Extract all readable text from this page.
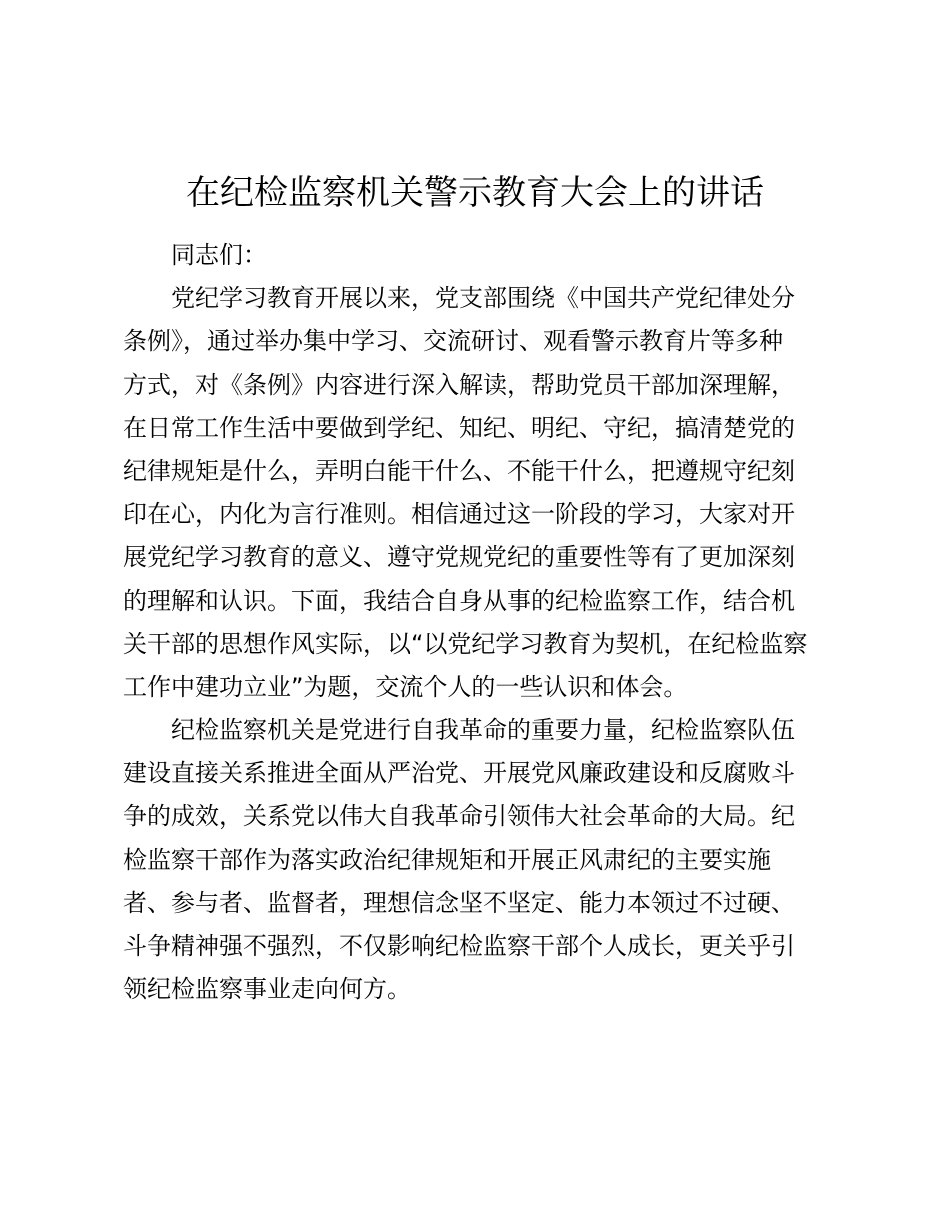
在纪检监察机关警示教育大会上的讲话

同志们：

党纪学习教育开展以来，党支部围绕《中国共产党纪律处分
条例》，通过举办集中学习、交流研讨、观看警示教育片等多种
方式，对《条例》内容进行深入解读，帮助党员干部加深理解，
在日常工作生活中要做到学纪、知纪、明纪、守纪，搞清楚党的
纪律规矩是什么，弄明白能干什么、不能干什么，把遵规守纪刻
印在心，内化为言行准则。相信通过这一阶段的学习，大家对开
展党纪学习教育的意义、遵守党规党纪的重要性等有了更加深刻
的理解和认识。下面，我结合自身从事的纪检监察工作，结合机
关干部的思想作风实际，以“以党纪学习教育为契机，在纪检监察
工作中建功立业”为题，交流个人的一些认识和体会。

纪检监察机关是党进行自我革命的重要力量，纪检监察队伍
建设直接关系推进全面从严治党、开展党风廉政建设和反腐败斗
争的成效，关系党以伟大自我革命引领伟大社会革命的大局。纪
检监察干部作为落实政治纪律规矩和开展正风肃纪的主要实施
者、参与者、监督者，理想信念坚不坚定、能力本领过不过硬、
斗争精神强不强烈，不仅影响纪检监察干部个人成长，更关乎引
领纪检监察事业走向何方。
